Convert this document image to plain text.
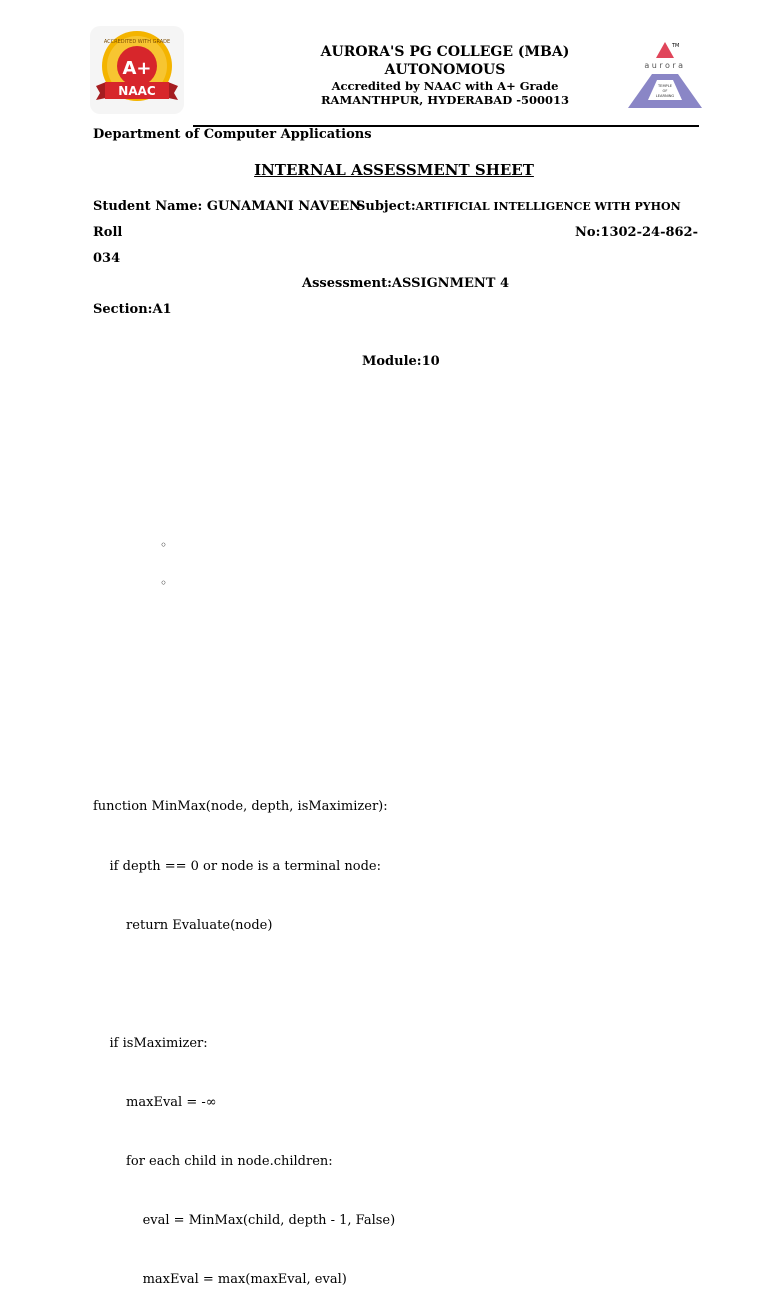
A+
ACCREDITED WITH GRADE
NAAC
AURORA'S PG COLLEGE (MBA)
AUTONOMOUS
Accredited by NAAC with A+ Grade
RAMANTHPUR, HYDERABAD -500013
TM
aurora
TEMPLE
OF
LEARNING
Department of Computer Applications
INTERNAL ASSESSMENT SHEET
Student Name: GUNAMANI NAVEEN
Subject:ARTIFICIAL INTELLIGENCE WITH PYHON
Roll	No:1302-24-862-
034
Assessment:ASSIGNMENT 4
Section:A1
Module:10
◦
◦

function MinMax(node, depth, isMaximizer):

if depth == 0 or node is a terminal node:

return Evaluate(node)

if isMaximizer:

maxEval = -∞

for each child in node.children:

eval = MinMax(child, depth - 1, False)

maxEval = max(maxEval, eval)
